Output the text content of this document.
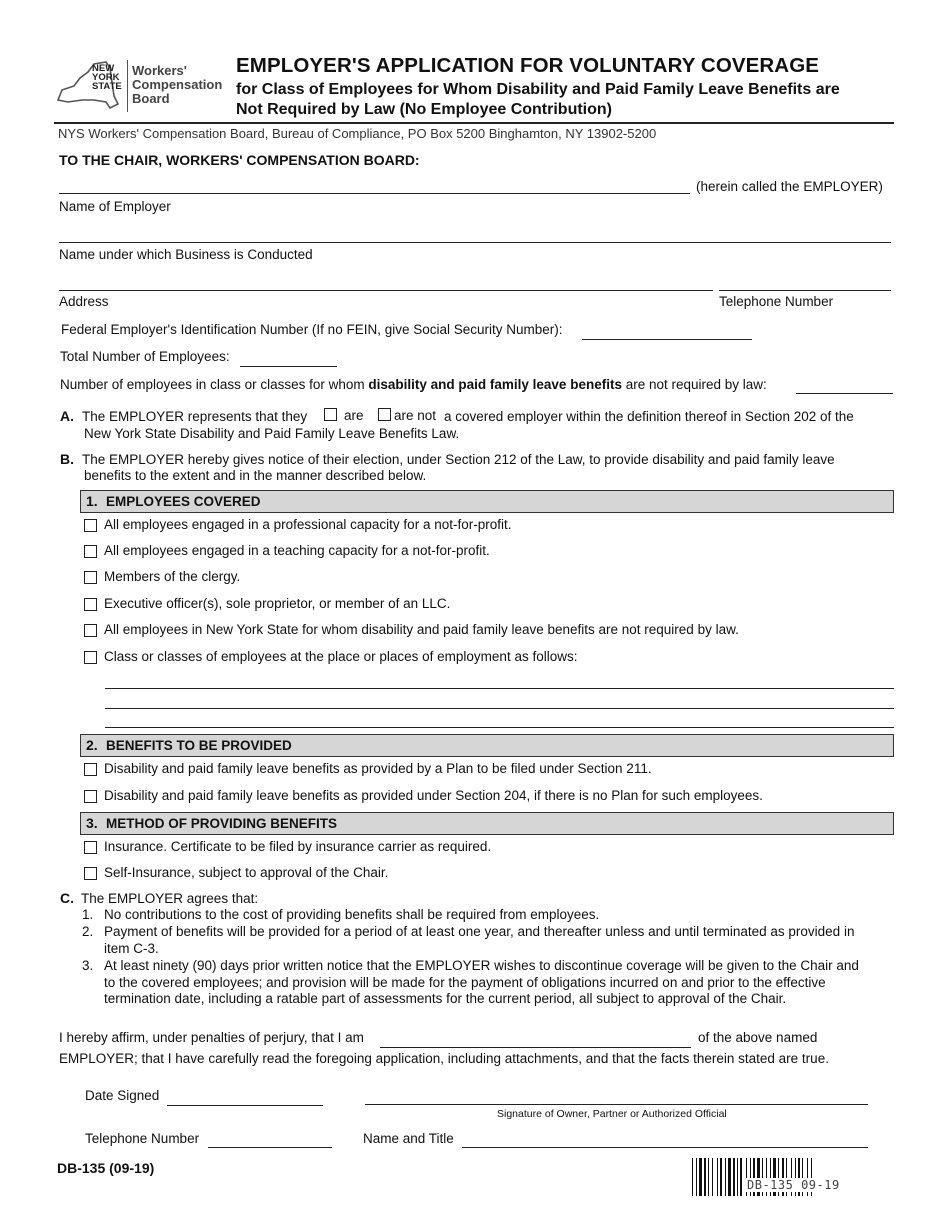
NEW
YORK
STATE
Workers'
Compensation
Board
EMPLOYER'S APPLICATION FOR VOLUNTARY COVERAGE
for Class of Employees for Whom Disability and Paid Family Leave Benefits are
Not Required by Law (No Employee Contribution)
NYS Workers' Compensation Board, Bureau of Compliance, PO Box 5200 Binghamton, NY 13902-5200
TO THE CHAIR, WORKERS' COMPENSATION BOARD:
(herein called the EMPLOYER)
Name of Employer
Name under which Business is Conducted
Address	Telephone Number
Federal Employer's Identification Number (If no FEIN, give Social Security Number):
Total Number of Employees:
Number of employees in class or classes for whom disability and paid family leave benefits are not required by law:
A. The EMPLOYER represents that they	are are not a covered employer within the definition thereof in Section 202 of the
New York State Disability and Paid Family Leave Benefits Law.
B. The EMPLOYER hereby gives notice of their election, under Section 212 of the Law, to provide disability and paid family leave
benefits to the extent and in the manner described below.
1. EMPLOYEES COVERED
All employees engaged in a professional capacity for a not-for-profit.
All employees engaged in a teaching capacity for a not-for-profit.
Members of the clergy.
Executive officer(s), sole proprietor, or member of an LLC.
All employees in New York State for whom disability and paid family leave benefits are not required by law.
Class or classes of employees at the place or places of employment as follows:
2. BENEFITS TO BE PROVIDED
Disability and paid family leave benefits as provided by a Plan to be filed under Section 211.
Disability and paid family leave benefits as provided under Section 204, if there is no Plan for such employees.
3. METHOD OF PROVIDING BENEFITS
Insurance. Certificate to be filed by insurance carrier as required.
Self-Insurance, subject to approval of the Chair.
C. The EMPLOYER agrees that:
1. No contributions to the cost of providing benefits shall be required from employees.
2. Payment of benefits will be provided for a period of at least one year, and thereafter unless and until terminated as provided in
item C-3.
3. At least ninety (90) days prior written notice that the EMPLOYER wishes to discontinue coverage will be given to the Chair and
to the covered employees; and provision will be made for the payment of obligations incurred on and prior to the effective
termination date, including a ratable part of assessments for the current period, all subject to approval of the Chair.
I hereby affirm, under penalties of perjury, that I am	of the above named
EMPLOYER; that I have carefully read the foregoing application, including attachments, and that the facts therein stated are true.
Date Signed
Signature of Owner, Partner or Authorized Official
Telephone Number	Name and Title
DB-135 (09-19)
DB-135 09-19
